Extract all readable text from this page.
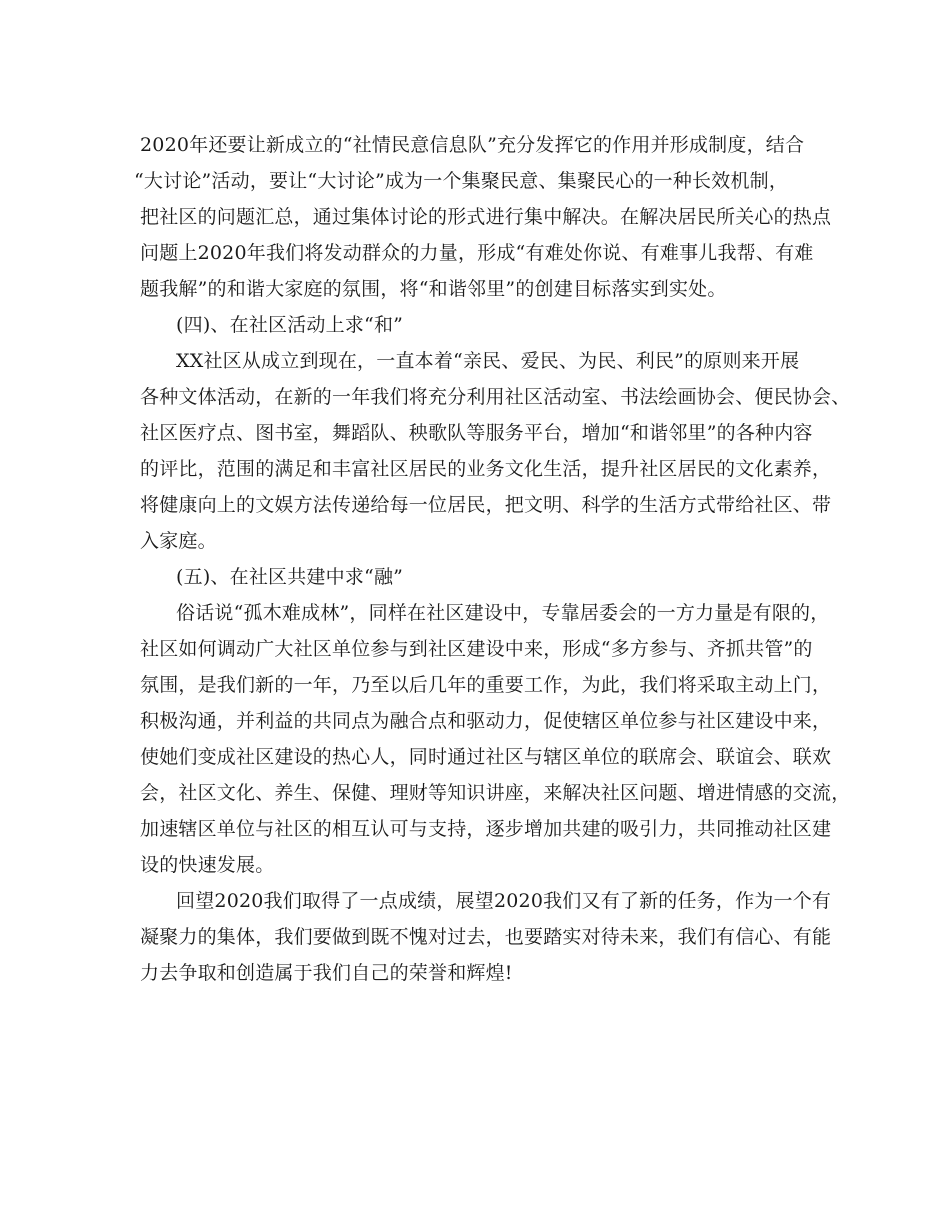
2020年还要让新成立的“社情民意信息队”充分发挥它的作用并形成制度，结合
“大讨论”活动，要让“大讨论”成为一个集聚民意、集聚民心的一种长效机制，
把社区的问题汇总，通过集体讨论的形式进行集中解决。在解决居民所关心的热点
问题上2020年我们将发动群众的力量，形成“有难处你说、有难事儿我帮、有难
题我解”的和谐大家庭的氛围，将“和谐邻里”的创建目标落实到实处。
(四)、在社区活动上求“和”
XX社区从成立到现在，一直本着“亲民、爱民、为民、利民”的原则来开展
各种文体活动，在新的一年我们将充分利用社区活动室、书法绘画协会、便民协会、
社区医疗点、图书室，舞蹈队、秧歌队等服务平台，增加“和谐邻里”的各种内容
的评比，范围的满足和丰富社区居民的业务文化生活，提升社区居民的文化素养，
将健康向上的文娱方法传递给每一位居民，把文明、科学的生活方式带给社区、带
入家庭。
(五)、在社区共建中求“融”
俗话说“孤木难成林”，同样在社区建设中，专靠居委会的一方力量是有限的，
社区如何调动广大社区单位参与到社区建设中来，形成“多方参与、齐抓共管”的
氛围，是我们新的一年，乃至以后几年的重要工作，为此，我们将采取主动上门，
积极沟通，并利益的共同点为融合点和驱动力，促使辖区单位参与社区建设中来，
使她们变成社区建设的热心人，同时通过社区与辖区单位的联席会、联谊会、联欢
会，社区文化、养生、保健、理财等知识讲座，来解决社区问题、增进情感的交流，
加速辖区单位与社区的相互认可与支持，逐步增加共建的吸引力，共同推动社区建
设的快速发展。
回望2020我们取得了一点成绩，展望2020我们又有了新的任务，作为一个有
凝聚力的集体，我们要做到既不愧对过去，也要踏实对待未来，我们有信心、有能
力去争取和创造属于我们自己的荣誉和辉煌!
